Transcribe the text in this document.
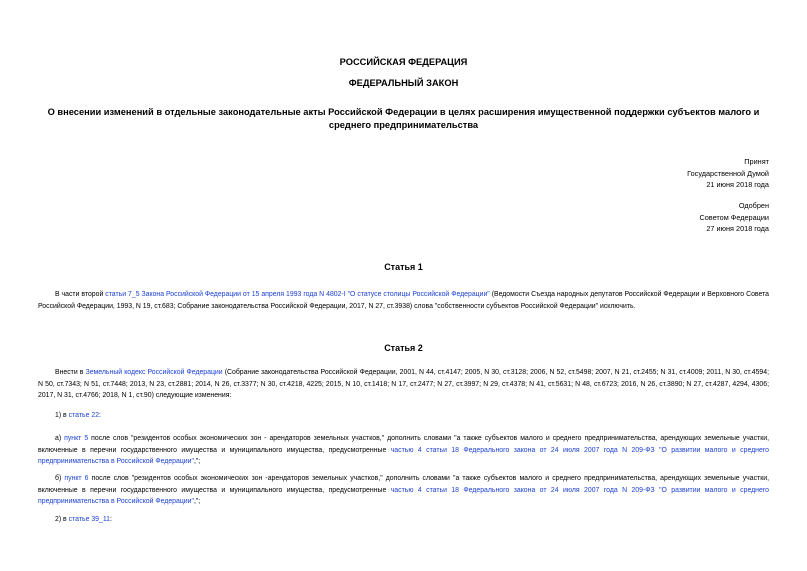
РОССИЙСКАЯ ФЕДЕРАЦИЯ
ФЕДЕРАЛЬНЫЙ ЗАКОН
О внесении изменений в отдельные законодательные акты Российской Федерации в целях расширения имущественной поддержки субъектов малого и среднего предпринимательства
Принят
Государственной Думой
21 июня 2018 года
Одобрен
Советом Федерации
27 июня 2018 года
Статья 1
В части второй статьи 7_5 Закона Российской Федерации от 15 апреля 1993 года N 4802-I "О статусе столицы Российской Федерации" (Ведомости Съезда народных депутатов Российской Федерации и Верховного Совета Российской Федерации, 1993, N 19, ст.683; Собрание законодательства Российской Федерации, 2017, N 27, ст.3938) слова "собственности субъектов Российской Федерации" исключить.
Статья 2
Внести в Земельный кодекс Российской Федерации (Собрание законодательства Российской Федерации, 2001, N 44, ст.4147; 2005, N 30, ст.3128; 2006, N 52, ст.5498; 2007, N 21, ст.2455; N 31, ст.4009; 2011, N 30, ст.4594; N 50, ст.7343; N 51, ст.7448; 2013, N 23, ст.2881; 2014, N 26, ст.3377; N 30, ст.4218, 4225; 2015, N 10, ст.1418; N 17, ст.2477; N 27, ст.3997; N 29, ст.4378; N 41, ст.5631; N 48, ст.6723; 2016, N 26, ст.3890; N 27, ст.4287, 4294, 4306; 2017, N 31, ст.4766; 2018, N 1, ст.90) следующие изменения:
1) в статье 22:
а) пункт 5 после слов "резидентов особых экономических зон - арендаторов земельных участков," дополнить словами "а также субъектов малого и среднего предпринимательства, арендующих земельные участки, включенные в перечни государственного имущества и муниципального имущества, предусмотренные частью 4 статьи 18 Федерального закона от 24 июля 2007 года N 209-ФЗ "О развитии малого и среднего предпринимательства в Российской Федерации",";
б) пункт 6 после слов "резидентов особых экономических зон -арендаторов земельных участков," дополнить словами "а также субъектов малого и среднего предпринимательства, арендующих земельные участки, включенные в перечни государственного имущества и муниципального имущества, предусмотренные частью 4 статьи 18 Федерального закона от 24 июля 2007 года N 209-ФЗ "О развитии малого и среднего предпринимательства в Российской Федерации",";
2) в статье 39_11:
